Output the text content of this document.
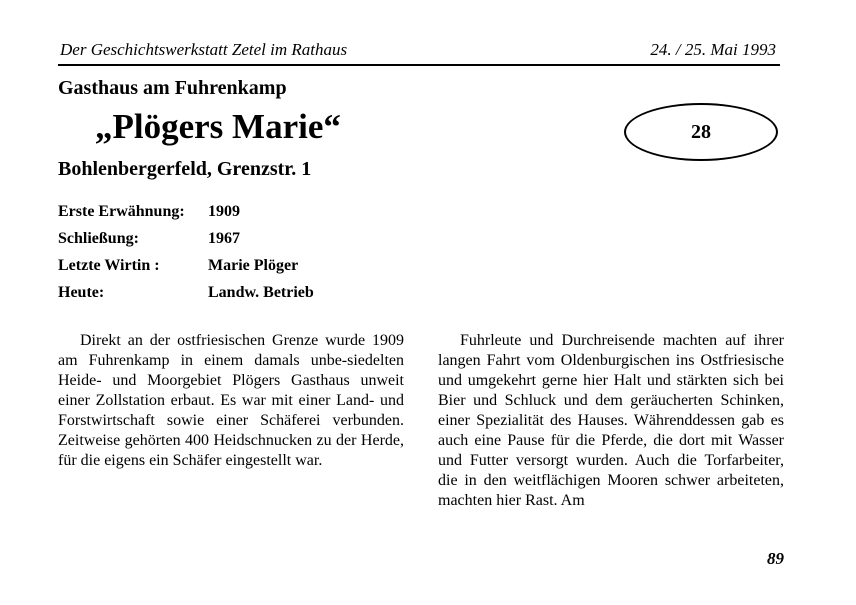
Der Geschichtswerkstatt Zetel im Rathaus	24. / 25. Mai 1993
Gasthaus am Fuhrenkamp
„Plögers Marie“
Bohlenbergerfeld, Grenzstr. 1
28
Erste Erwähnung: 1909
Schließung:	1967
Letzte Wirtin :	Marie Plöger
Heute:	Landw. Betrieb

Direkt an der ostfriesischen Grenze wurde 1909 am Fuhrenkamp in einem damals unbe-siedelten Heide- und Moorgebiet Plögers Gasthaus unweit einer Zollstation erbaut. Es war mit einer Land- und Forstwirtschaft sowie einer Schäferei verbunden. Zeitweise gehörten 400 Heidschnucken zu der Herde, für die eigens ein Schäfer eingestellt war.

Fuhrleute und Durchreisende machten auf ihrer langen Fahrt vom Oldenburgischen ins Ostfriesische und umgekehrt gerne hier Halt und stärkten sich bei Bier und Schluck und dem geräucherten Schinken, einer Spezialität des Hauses. Währenddessen gab es auch eine Pause für die Pferde, die dort mit Wasser und Futter versorgt wurden. Auch die Torfarbeiter, die in den weitflächigen Mooren schwer arbeiteten, machten hier Rast. Am

89
